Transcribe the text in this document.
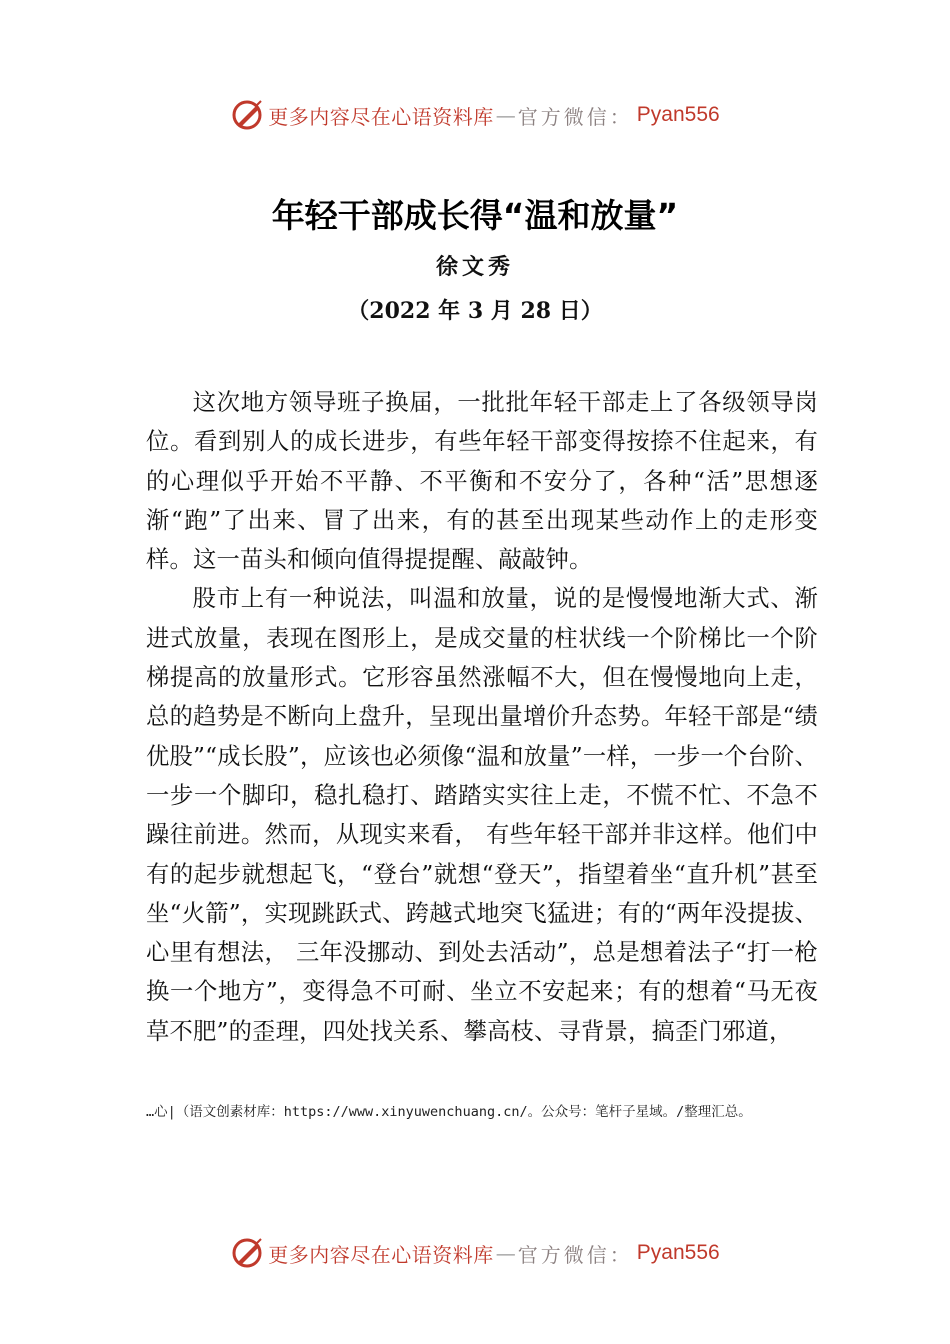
更多内容尽在心语资料库 — 官方微信： Pyan556
年轻干部成长得“温和放量”
徐文秀
（2022 年 3 月 28 日）

这次地方领导班子换届，一批批年轻干部走上了各级领导岗位。看到别人的成长进步，有些年轻干部变得按捺不住起来，有的心理似乎开始不平静、不平衡和不安分了，各种“活”思想逐渐“跑”了出来、冒了出来，有的甚至出现某些动作上的走形变样。这一苗头和倾向值得提提醒、敲敲钟。

股市上有一种说法，叫温和放量，说的是慢慢地渐大式、渐进式放量，表现在图形上，是成交量的柱状线一个阶梯比一个阶梯提高的放量形式。它形容虽然涨幅不大，但在慢慢地向上走，总的趋势是不断向上盘升，呈现出量增价升态势。年轻干部是“绩优股”“成长股”，应该也必须像“温和放量”一样，一步一个台阶、一步一个脚印，稳扎稳打、踏踏实实往上走，不慌不忙、不急不躁往前进。然而，从现实来看， 有些年轻干部并非这样。他们中有的起步就想起飞，“登台”就想“登天”，指望着坐“直升机”甚至坐“火箭”，实现跳跃式、跨越式地突飞猛进；有的“两年没提拔、心里有想法， 三年没挪动、到处去活动”，总是想着法子“打一枪换一个地方”，变得急不可耐、坐立不安起来；有的想着“马无夜草不肥”的歪理，四处找关系、攀高枝、寻背景，搞歪门邪道，

…心|（语文创素材库：https://www.xinyuwenchuang.cn/。公众号：笔杆子星域。/整理汇总。
更多内容尽在心语资料库 — 官方微信： Pyan556
